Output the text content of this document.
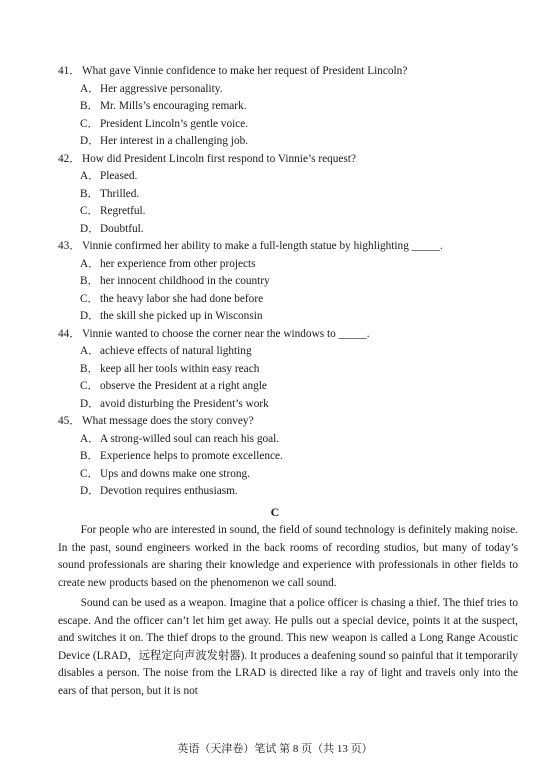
41．What gave Vinnie confidence to make her request of President Lincoln?
A．Her aggressive personality.
B．Mr. Mills’s encouraging remark.
C．President Lincoln’s gentle voice.
D．Her interest in a challenging job.
42．How did President Lincoln first respond to Vinnie’s request?
A．Pleased.
B．Thrilled.
C．Regretful.
D．Doubtful.
43．Vinnie confirmed her ability to make a full-length statue by highlighting _____.
A．her experience from other projects
B．her innocent childhood in the country
C．the heavy labor she had done before
D．the skill she picked up in Wisconsin
44．Vinnie wanted to choose the corner near the windows to _____.
A．achieve effects of natural lighting
B．keep all her tools within easy reach
C．observe the President at a right angle
D．avoid disturbing the President’s work
45．What message does the story convey?
A．A strong-willed soul can reach his goal.
B．Experience helps to promote excellence.
C．Ups and downs make one strong.
D．Devotion requires enthusiasm.
C

For people who are interested in sound, the field of sound technology is definitely making noise. In the past, sound engineers worked in the back rooms of recording studios, but many of today’s sound professionals are sharing their knowledge and experience with professionals in other fields to create new products based on the phenomenon we call sound.

Sound can be used as a weapon. Imagine that a police officer is chasing a thief. The thief tries to escape. And the officer can’t let him get away. He pulls out a special device, points it at the suspect, and switches it on. The thief drops to the ground. This new weapon is called a Long Range Acoustic Device (LRAD，远程定向声波发射器). It produces a deafening sound so painful that it temporarily disables a person. The noise from the LRAD is directed like a ray of light and travels only into the ears of that person, but it is not

英语（天津卷）笔试 第 8 页（共 13 页）
